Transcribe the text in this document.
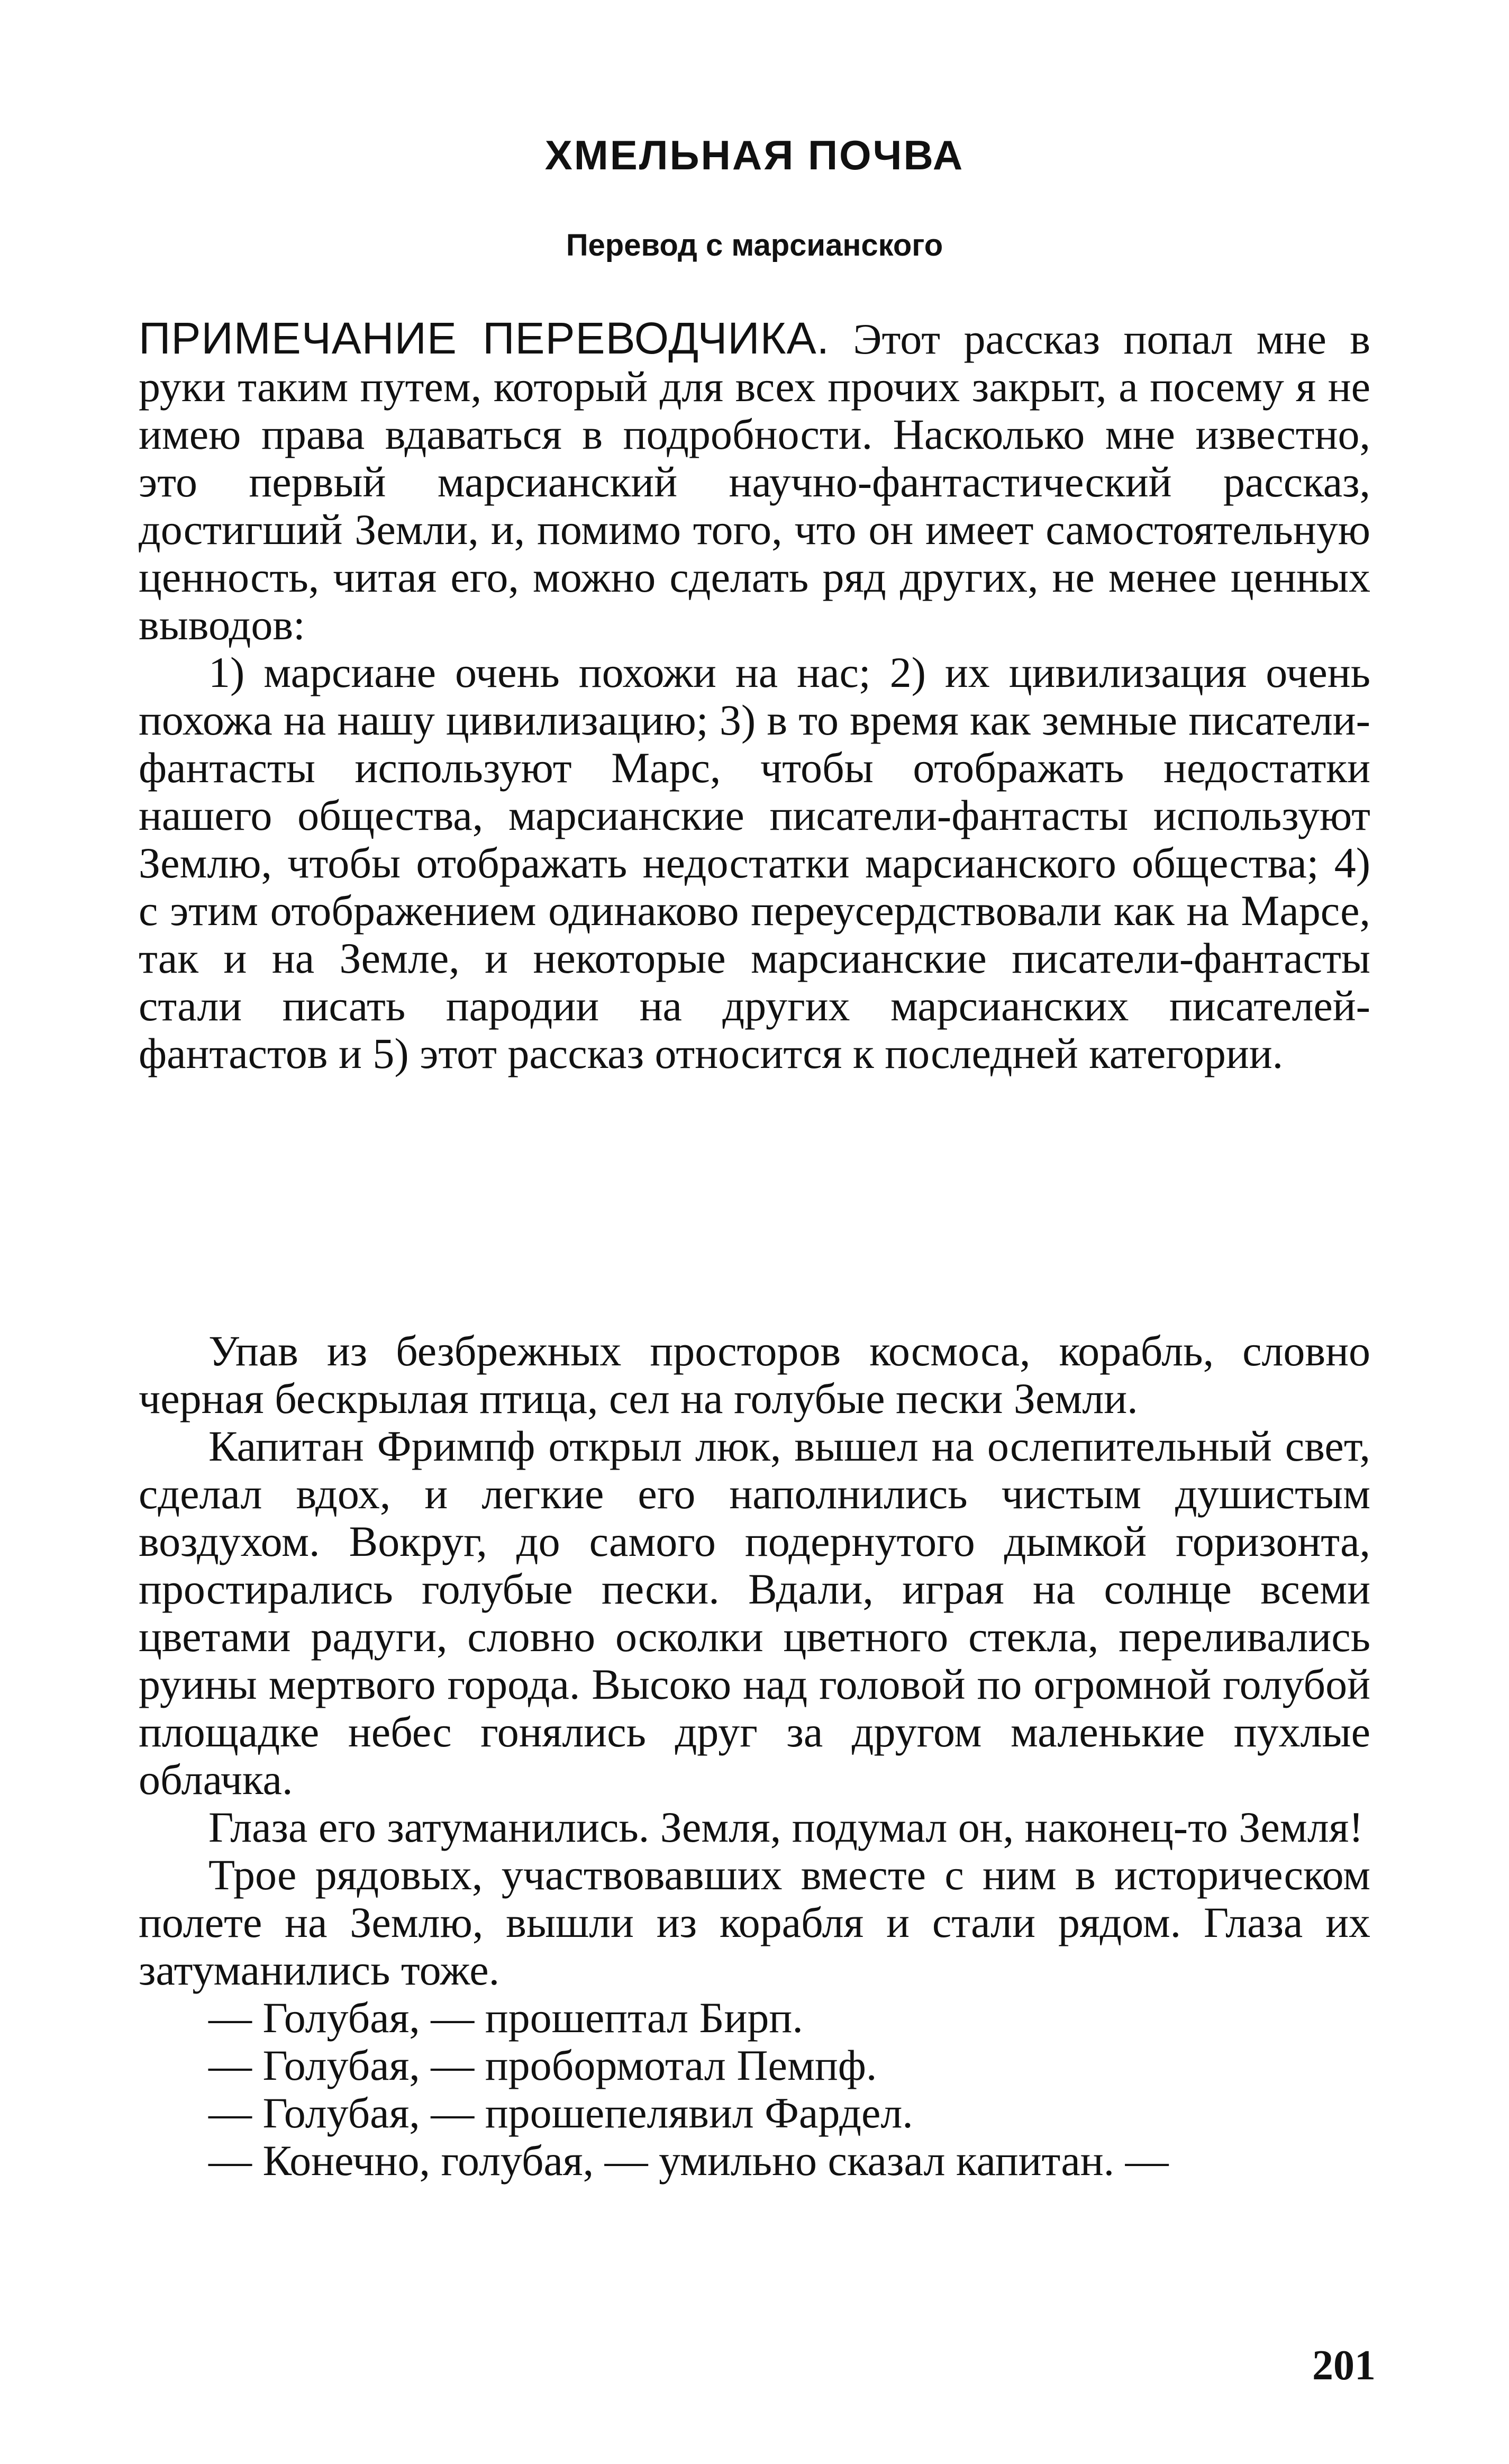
ХМЕЛЬНАЯ ПОЧВА
Перевод с марсианского

ПРИМЕЧАНИЕ ПЕРЕВОДЧИКА. Этот рассказ попал мне в руки таким путем, который для всех прочих закрыт, а посему я не имею права вдаваться в подробности. Насколько мне известно, это первый марсианский научно-фантастический рассказ, достигший Земли, и, помимо того, что он имеет самостоятельную ценность, читая его, можно сделать ряд других, не менее ценных выводов:

1) марсиане очень похожи на нас; 2) их цивилизация очень похожа на нашу цивилизацию; 3) в то время как земные писатели-фантасты используют Марс, чтобы отображать недостатки нашего общества, марсианские писатели-фантасты используют Землю, чтобы отображать недостатки марсианского общества; 4) с этим отображением одинаково переусердствовали как на Марсе, так и на Земле, и некоторые марсианские писатели-фантасты стали писать пародии на других марсианских писателей-фантастов и 5) этот рассказ относится к последней категории.

Упав из безбрежных просторов космоса, корабль, словно черная бескрылая птица, сел на голубые пески Земли.

Капитан Фримпф открыл люк, вышел на ослепительный свет, сделал вдох, и легкие его наполнились чистым душистым воздухом. Вокруг, до самого подернутого дымкой горизонта, простирались голубые пески. Вдали, играя на солнце всеми цветами радуги, словно осколки цветного стекла, переливались руины мертвого города. Высоко над головой по огромной голубой площадке небес гонялись друг за другом маленькие пухлые облачка.

Глаза его затуманились. Земля, подумал он, наконец-то Земля!

Трое рядовых, участвовавших вместе с ним в историческом полете на Землю, вышли из корабля и стали рядом. Глаза их затуманились тоже.

— Голубая, — прошептал Бирп.

— Голубая, — пробормотал Пемпф.

— Голубая, — прошепелявил Фардел.

— Конечно, голубая, — умильно сказал капитан. —

201
